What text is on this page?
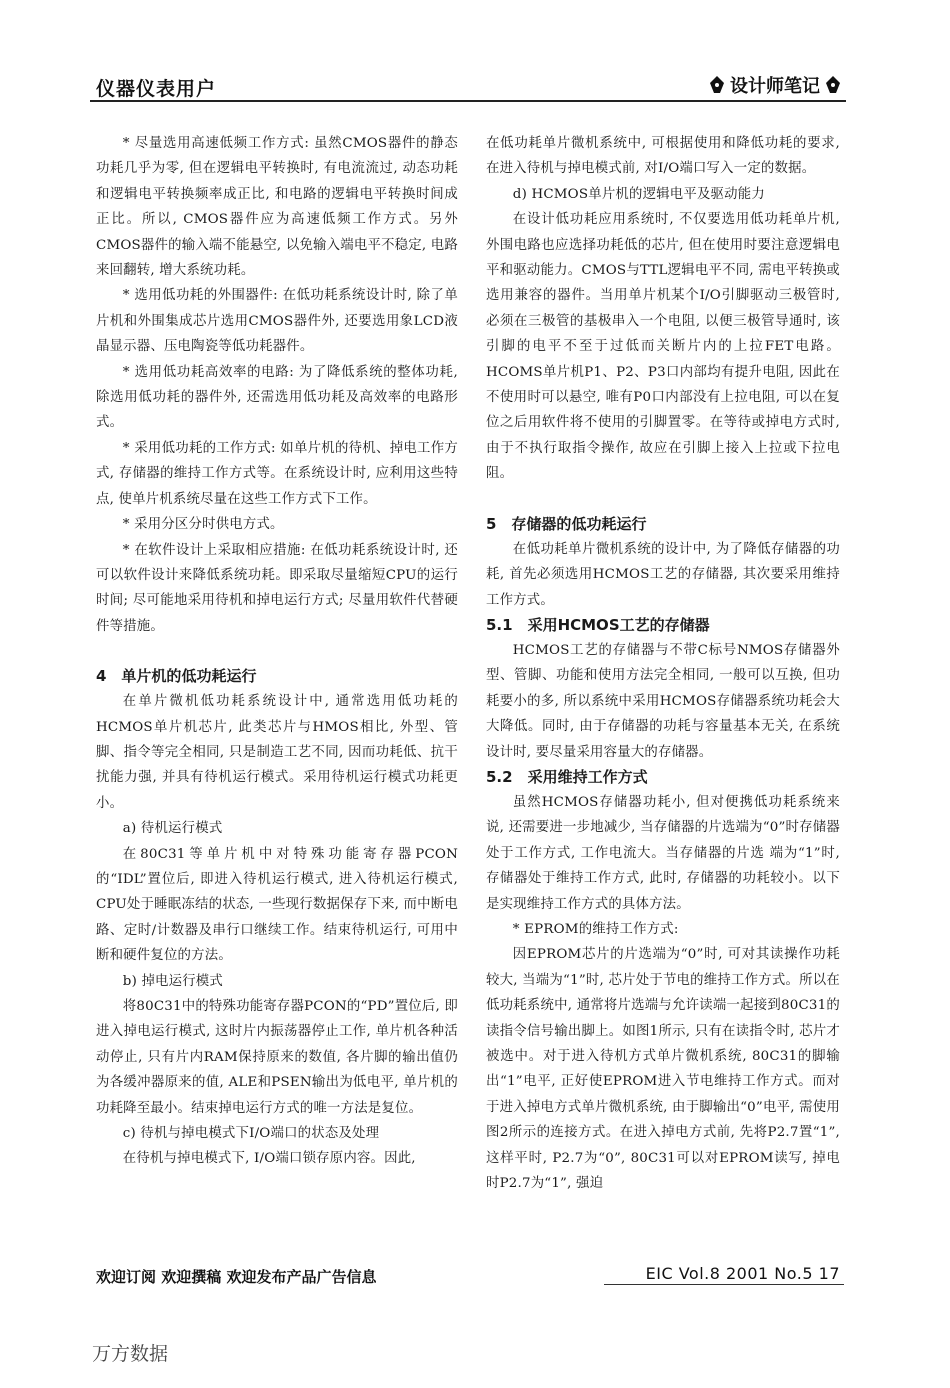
仪器仪表用户	设计师笔记

* 尽量选用高速低频工作方式: 虽然CMOS器件的静态功耗几乎为零, 但在逻辑电平转换时, 有电流流过, 动态功耗和逻辑电平转换频率成正比, 和电路的逻辑电平转换时间成正比。所以, CMOS器件应为高速低频工作方式。另外CMOS器件的输入端不能悬空, 以免输入端电平不稳定, 电路来回翻转, 增大系统功耗。

* 选用低功耗的外围器件: 在低功耗系统设计时, 除了单片机和外围集成芯片选用CMOS器件外, 还要选用象LCD液晶显示器、压电陶瓷等低功耗器件。

* 选用低功耗高效率的电路: 为了降低系统的整体功耗, 除选用低功耗的器件外, 还需选用低功耗及高效率的电路形式。

* 采用低功耗的工作方式: 如单片机的待机、掉电工作方式, 存储器的维持工作方式等。在系统设计时, 应利用这些特点, 使单片机系统尽量在这些工作方式下工作。

* 采用分区分时供电方式。

* 在软件设计上采取相应措施: 在低功耗系统设计时, 还可以软件设计来降低系统功耗。即采取尽量缩短CPU的运行时间; 尽可能地采用待机和掉电运行方式; 尽量用软件代替硬件等措施。

4　单片机的低功耗运行

在单片微机低功耗系统设计中, 通常选用低功耗的HCMOS单片机芯片, 此类芯片与HMOS相比, 外型、管脚、指令等完全相同, 只是制造工艺不同, 因而功耗低、抗干扰能力强, 并具有待机运行模式。采用待机运行模式功耗更小。

a) 待机运行模式

在80C31等单片机中对特殊功能寄存器PCON的“IDL”置位后, 即进入待机运行模式, 进入待机运行模式, CPU处于睡眠冻结的状态, 一些现行数据保存下来, 而中断电路、定时/计数器及串行口继续工作。结束待机运行, 可用中断和硬件复位的方法。

b) 掉电运行模式

将80C31中的特殊功能寄存器PCON的“PD”置位后, 即进入掉电运行模式, 这时片内振荡器停止工作, 单片机各种活动停止, 只有片内RAM保持原来的数值, 各片脚的输出值仍为各缓冲器原来的值, ALE和PSEN输出为低电平, 单片机的功耗降至最小。结束掉电运行方式的唯一方法是复位。

c) 待机与掉电模式下I/O端口的状态及处理

在待机与掉电模式下, I/O端口锁存原内容。因此,

在低功耗单片微机系统中, 可根据使用和降低功耗的要求, 在进入待机与掉电模式前, 对I/O端口写入一定的数据。

d) HCMOS单片机的逻辑电平及驱动能力

在设计低功耗应用系统时, 不仅要选用低功耗单片机, 外围电路也应选择功耗低的芯片, 但在使用时要注意逻辑电平和驱动能力。CMOS与TTL逻辑电平不同, 需电平转换或选用兼容的器件。当用单片机某个I/O引脚驱动三极管时, 必须在三极管的基极串入一个电阻, 以便三极管导通时, 该引脚的电平不至于过低而关断片内的上拉FET电路。HCOMS单片机P1、P2、P3口内部均有提升电阻, 因此在不使用时可以悬空, 唯有P0口内部没有上拉电阻, 可以在复位之后用软件将不使用的引脚置零。在等待或掉电方式时, 由于不执行取指令操作, 故应在引脚上接入上拉或下拉电阻。

5　存储器的低功耗运行

在低功耗单片微机系统的设计中, 为了降低存储器的功耗, 首先必须选用HCMOS工艺的存储器, 其次要采用维持工作方式。

5.1　采用HCMOS工艺的存储器

HCMOS工艺的存储器与不带C标号NMOS存储器外型、管脚、功能和使用方法完全相同, 一般可以互换, 但功耗要小的多, 所以系统中采用HCMOS存储器系统功耗会大大降低。同时, 由于存储器的功耗与容量基本无关, 在系统设计时, 要尽量采用容量大的存储器。

5.2　采用维持工作方式

虽然HCMOS存储器功耗小, 但对便携低功耗系统来说, 还需要进一步地减少, 当存储器的片选端为“0”时存储器处于工作方式, 工作电流大。当存储器的片选 端为“1”时, 存储器处于维持工作方式, 此时, 存储器的功耗较小。以下是实现维持工作方式的具体方法。

* EPROM的维持工作方式:

因EPROM芯片的片选端为“0”时, 可对其读操作功耗较大, 当端为“1”时, 芯片处于节电的维持工作方式。所以在低功耗系统中, 通常将片选端与允许读端一起接到80C31的读指令信号输出脚上。如图1所示, 只有在读指令时, 芯片才被选中。对于进入待机方式单片微机系统, 80C31的脚输出“1”电平, 正好使EPROM进入节电维持工作方式。而对于进入掉电方式单片微机系统, 由于脚输出“0”电平, 需使用图2所示的连接方式。在进入掉电方式前, 先将P2.7置“1”, 这样平时, P2.7为“0”, 80C31可以对EPROM读写, 掉电时P2.7为“1”, 强迫

欢迎订阅 欢迎撰稿 欢迎发布产品广告信息	EIC Vol.8 2001 No.5 17
万方数据
